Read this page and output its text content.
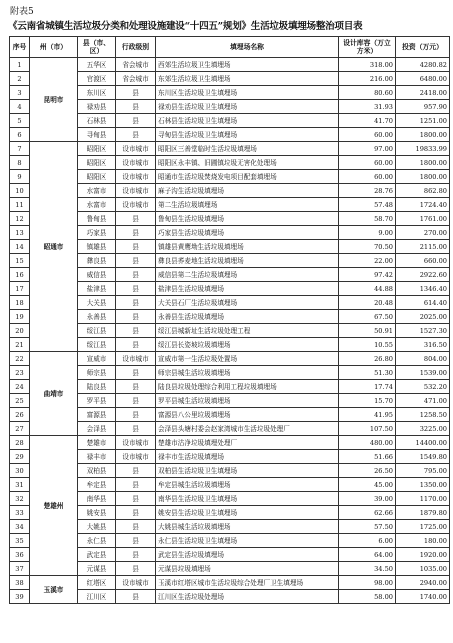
附表5
《云南省城镇生活垃圾分类和处理设施建设“十四五”规划》生活垃圾填埋场整治项目表
序号	州（市）	县（市、区）	行政级别	填埋场名称	设计库容（万立方米）	投资（万元）
1	昆明市	五华区	省会城市	西郊生活垃圾卫生填埋场	318.00	4280.82
2		官渡区	省会城市	东郊生活垃圾卫生填埋场	216.00	6480.00
3		东川区	县	东川区生活垃圾卫生填埋场	80.60	2418.00
4		禄劝县	县	禄劝县生活垃圾卫生填埋场	31.93	957.90
5		石林县	县	石林县生活垃圾卫生填埋场	41.70	1251.00
6		寻甸县	县	寻甸县生活垃圾卫生填埋场	60.00	1800.00
7	昭通市	昭阳区	设市城市	昭阳区三善堂临时生活垃圾填埋场	97.00	19833.99
8		昭阳区	设市城市	昭阳区永丰镇、旧圃镇垃圾无害化处理场	60.00	1800.00
9		昭阳区	设市城市	昭通市生活垃圾焚烧发电项目配套填埋场	60.00	1800.00
10		水富市	设市城市	麻子沟生活垃圾填埋场	28.76	862.80
11		水富市	设市城市	第二生活垃圾填埋场	57.48	1724.40
12		鲁甸县	县	鲁甸县生活垃圾填埋场	58.70	1761.00
13		巧家县	县	巧家县生活垃圾填埋场	9.00	270.00
14		镇雄县	县	镇雄县黄鹰坳生活垃圾填埋场	70.50	2115.00
15		彝良县	县	彝良县荞麦地生活垃圾填埋场	22.00	660.00
16		威信县	县	威信县第二生活垃圾填埋场	97.42	2922.60
17		盐津县	县	盐津县生活垃圾填埋场	44.88	1346.40
18		大关县	县	大关县石厂生活垃圾填埋场	20.48	614.40
19		永善县	县	永善县生活垃圾填埋场	67.50	2025.00
20		绥江县	县	绥江县城新址生活垃圾处理工程	50.91	1527.30
21		绥江县	县	绥江县长姿坡垃圾填埋场	10.55	316.50
22	曲靖市	宣威市	设市城市	宣威市第一生活垃圾处置场	26.80	804.00
23		师宗县	县	师宗县城生活垃圾填埋场	51.30	1539.00
24		陆良县	县	陆良县垃圾处理综合利用工程垃圾填埋场	17.74	532.20
25		罗平县	县	罗平县城生活垃圾填埋场	15.70	471.00
26		富源县	县	富源县八公里垃圾填埋场	41.95	1258.50
27		会泽县	县	会泽县头塘村委会赵家湾城市生活垃圾处理厂	107.50	3225.00
28	楚雄州	楚雄市	设市城市	楚雄市沽净垃圾填埋处理厂	480.00	14400.00
29		禄丰市	设市城市	禄丰市生活垃圾填埋场	51.66	1549.80
30		双柏县	县	双柏县生活垃圾卫生填埋场	26.50	795.00
31		牟定县	县	牟定县城生活垃圾填埋场	45.00	1350.00
32		南华县	县	南华县生活垃圾卫生填埋场	39.00	1170.00
33		姚安县	县	姚安县生活垃圾卫生填埋场	62.66	1879.80
34		大姚县	县	大姚县城生活垃圾填埋场	57.50	1725.00
35		永仁县	县	永仁县生活垃圾卫生填埋场	6.00	180.00
36		武定县	县	武定县生活垃圾填埋场	64.00	1920.00
37		元谋县	县	元谋县垃圾填埋场	34.50	1035.00
38	玉溪市	红塔区	设市城市	玉溪市红塔区城市生活垃圾综合处理厂卫生填埋场	98.00	2940.00
39		江川区	县	江川区生活垃圾处理场	58.00	1740.00
